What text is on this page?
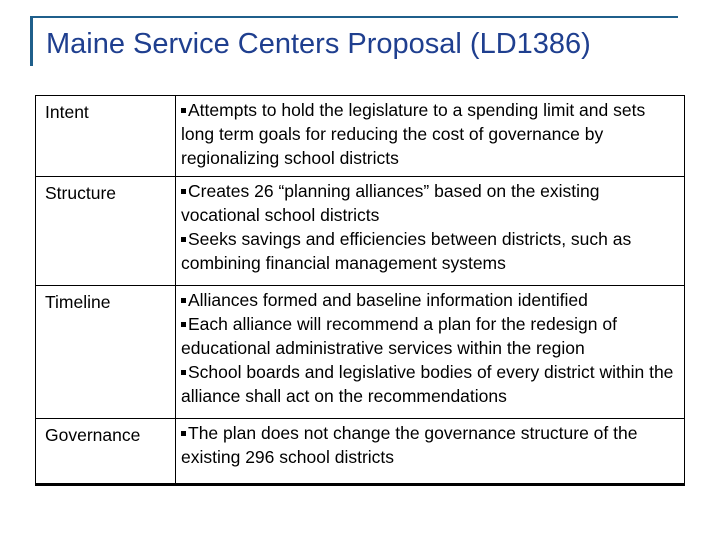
Maine Service Centers Proposal (LD1386)
Intent	Attempts to hold the legislature to a spending limit and sets long term goals for reducing the cost of governance by regionalizing school districts

Structure	Creates 26 “planning alliances” based on the existing vocational school districts
Seeks savings and efficiencies between districts, such as combining financial management systems

Timeline	Alliances formed and baseline information identified
Each alliance will recommend a plan for the redesign of educational administrative services within the region
School boards and legislative bodies of every district within the alliance shall act on the recommendations

Governance	The plan does not change the governance structure of the existing 296 school districts
